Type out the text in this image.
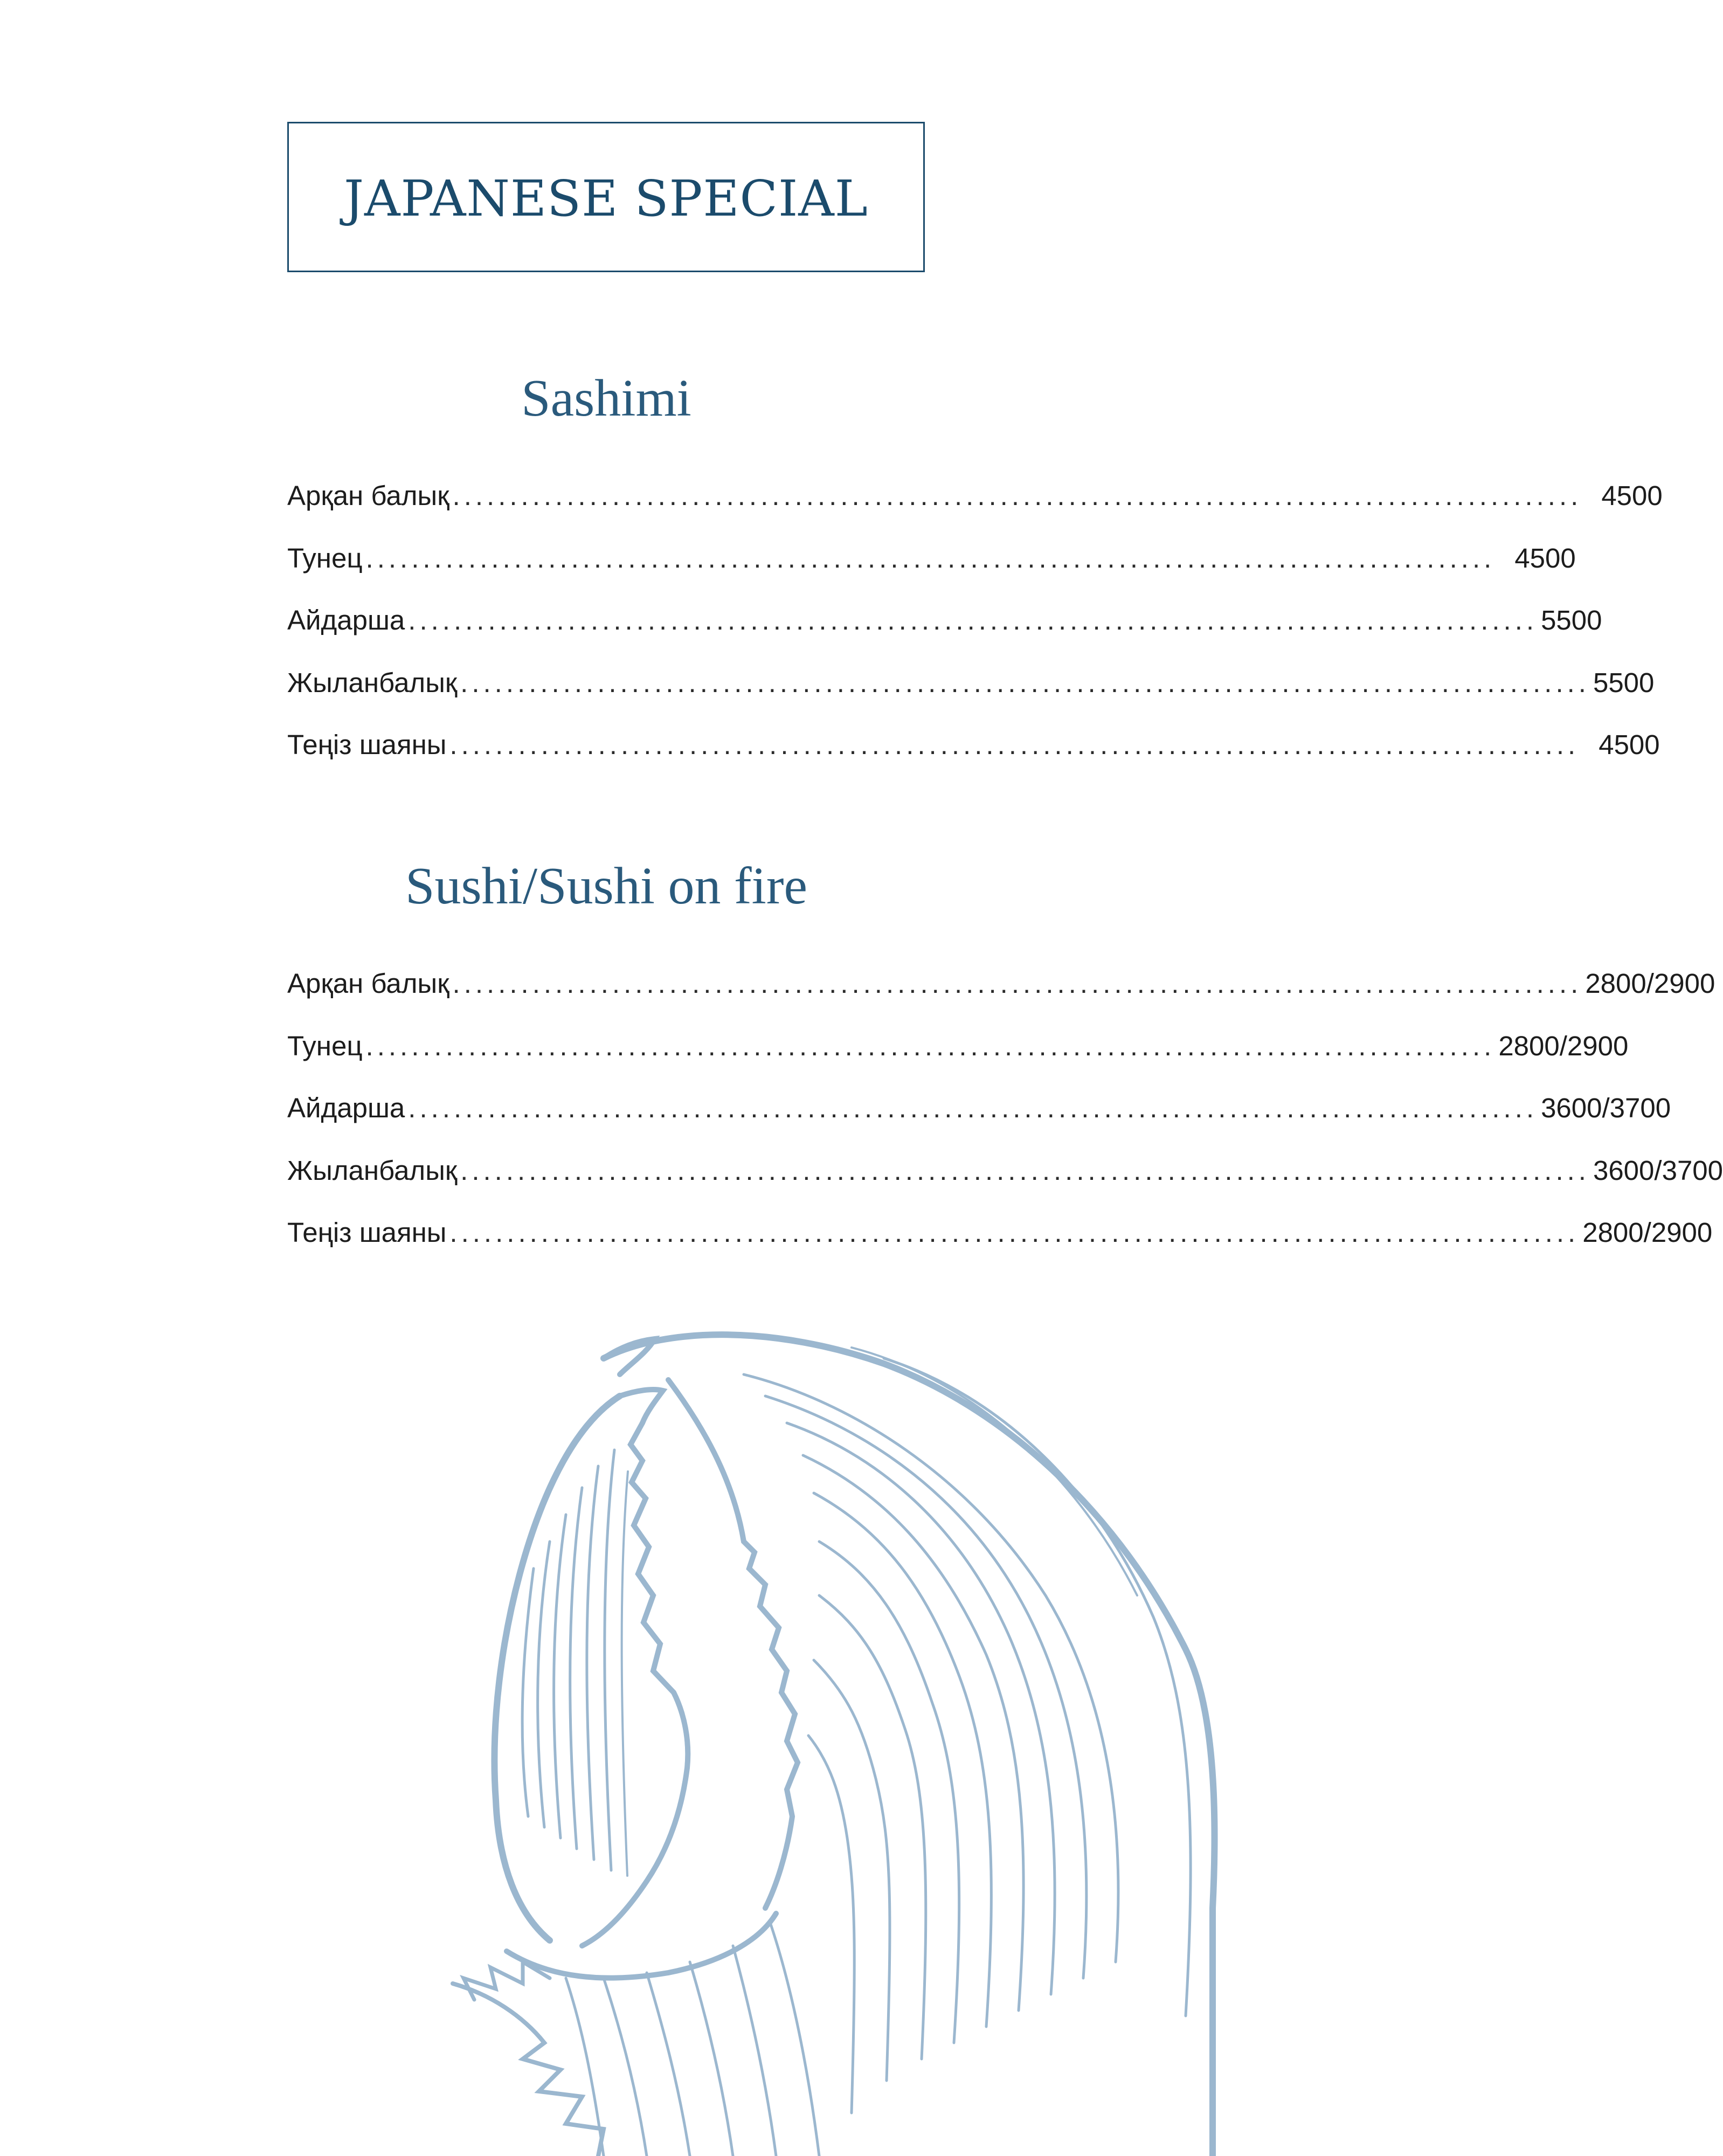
JAPANESE SPECIAL
Sashimi
Арқан балық ................................................................................................... 4500
Тунец ................................................................................................... 4500
Айдарша ................................................................................................... 5500
Жыланбалық ................................................................................................... 5500
Теңіз шаяны ................................................................................................... 4500
Sushi/Sushi on fire
Арқан балық ................................................................................................... 2800/2900
Тунец ................................................................................................... 2800/2900
Айдарша ................................................................................................... 3600/3700
Жыланбалық ................................................................................................... 3600/3700
Теңіз шаяны ................................................................................................... 2800/2900
